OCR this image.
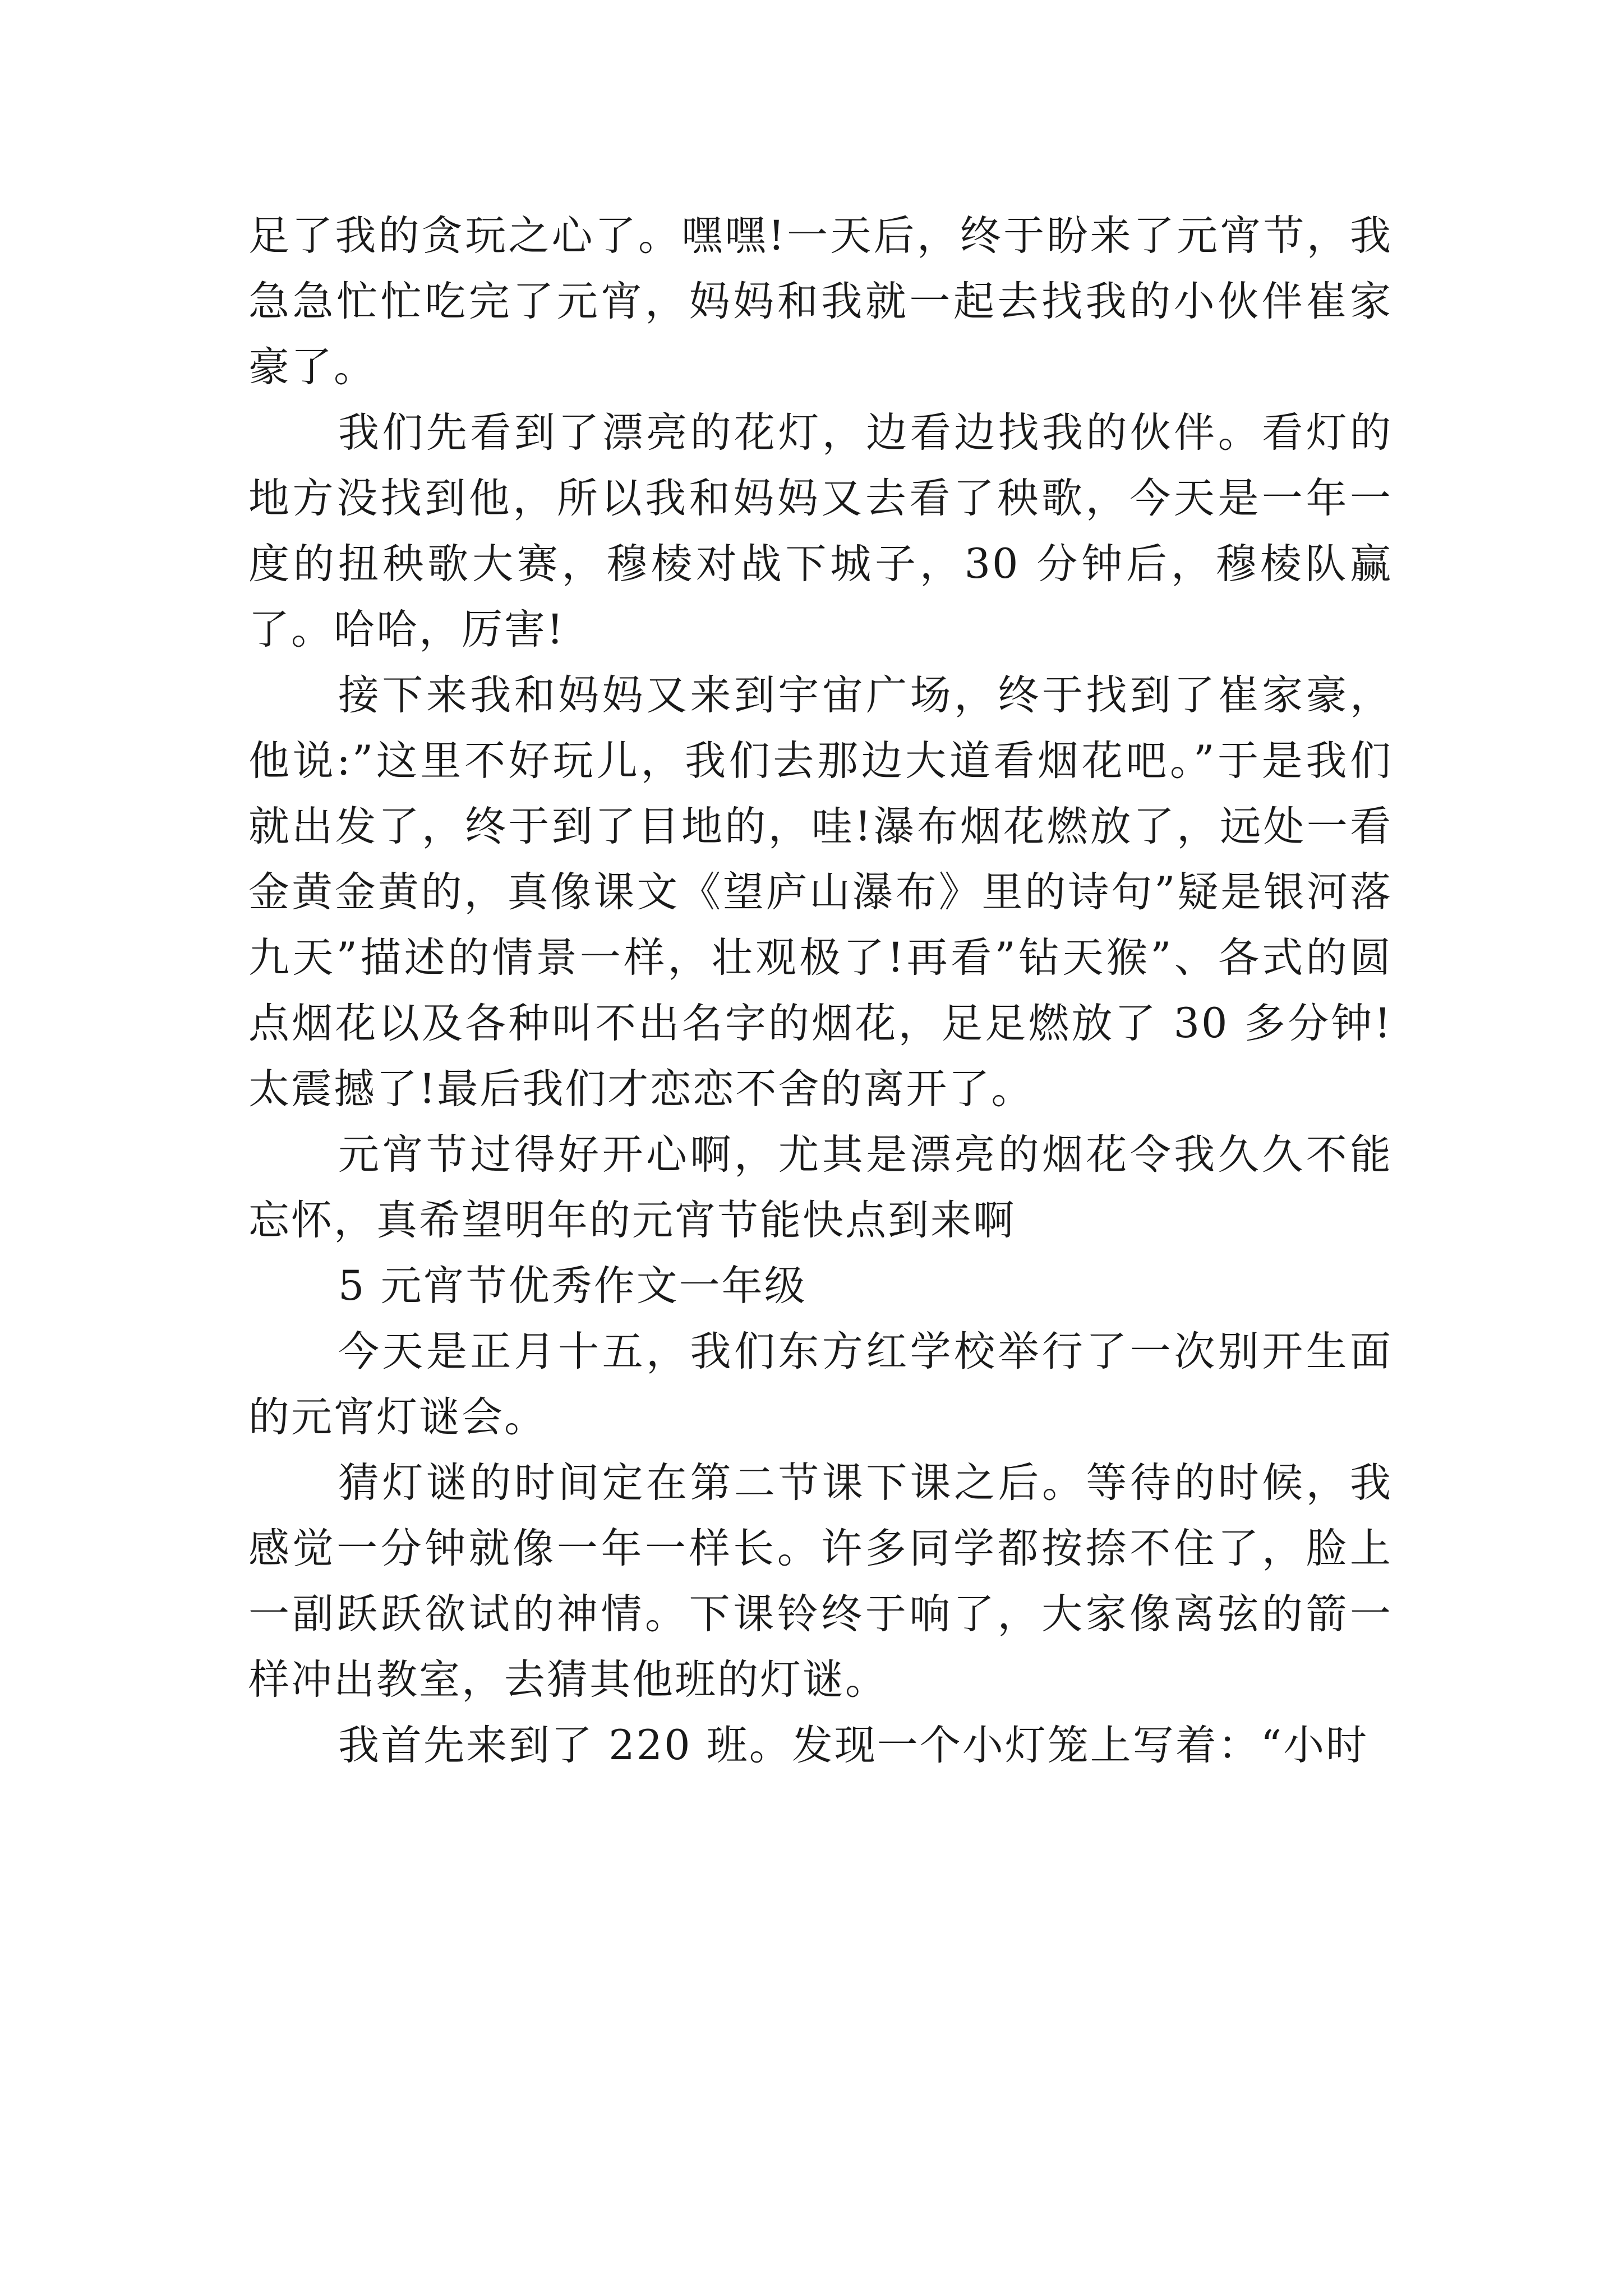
足了我的贪玩之心了。嘿嘿!一天后，终于盼来了元宵节，我急急忙忙吃完了元宵，妈妈和我就一起去找我的小伙伴崔家豪了。

我们先看到了漂亮的花灯，边看边找我的伙伴。看灯的地方没找到他，所以我和妈妈又去看了秧歌，今天是一年一度的扭秧歌大赛，穆棱对战下城子，30 分钟后，穆棱队赢了。哈哈，厉害!

接下来我和妈妈又来到宇宙广场，终于找到了崔家豪，他说:”这里不好玩儿，我们去那边大道看烟花吧。”于是我们就出发了，终于到了目地的，哇!瀑布烟花燃放了，远处一看金黄金黄的，真像课文《望庐山瀑布》里的诗句”疑是银河落九天”描述的情景一样，壮观极了!再看”钻天猴”、各式的圆点烟花以及各种叫不出名字的烟花，足足燃放了 30 多分钟!太震撼了!最后我们才恋恋不舍的离开了。

元宵节过得好开心啊，尤其是漂亮的烟花令我久久不能忘怀，真希望明年的元宵节能快点到来啊

5 元宵节优秀作文一年级

今天是正月十五，我们东方红学校举行了一次别开生面的元宵灯谜会。

猜灯谜的时间定在第二节课下课之后。等待的时候，我感觉一分钟就像一年一样长。许多同学都按捺不住了，脸上一副跃跃欲试的神情。下课铃终于响了，大家像离弦的箭一样冲出教室，去猜其他班的灯谜。

我首先来到了 220 班。发现一个小灯笼上写着：“小时
